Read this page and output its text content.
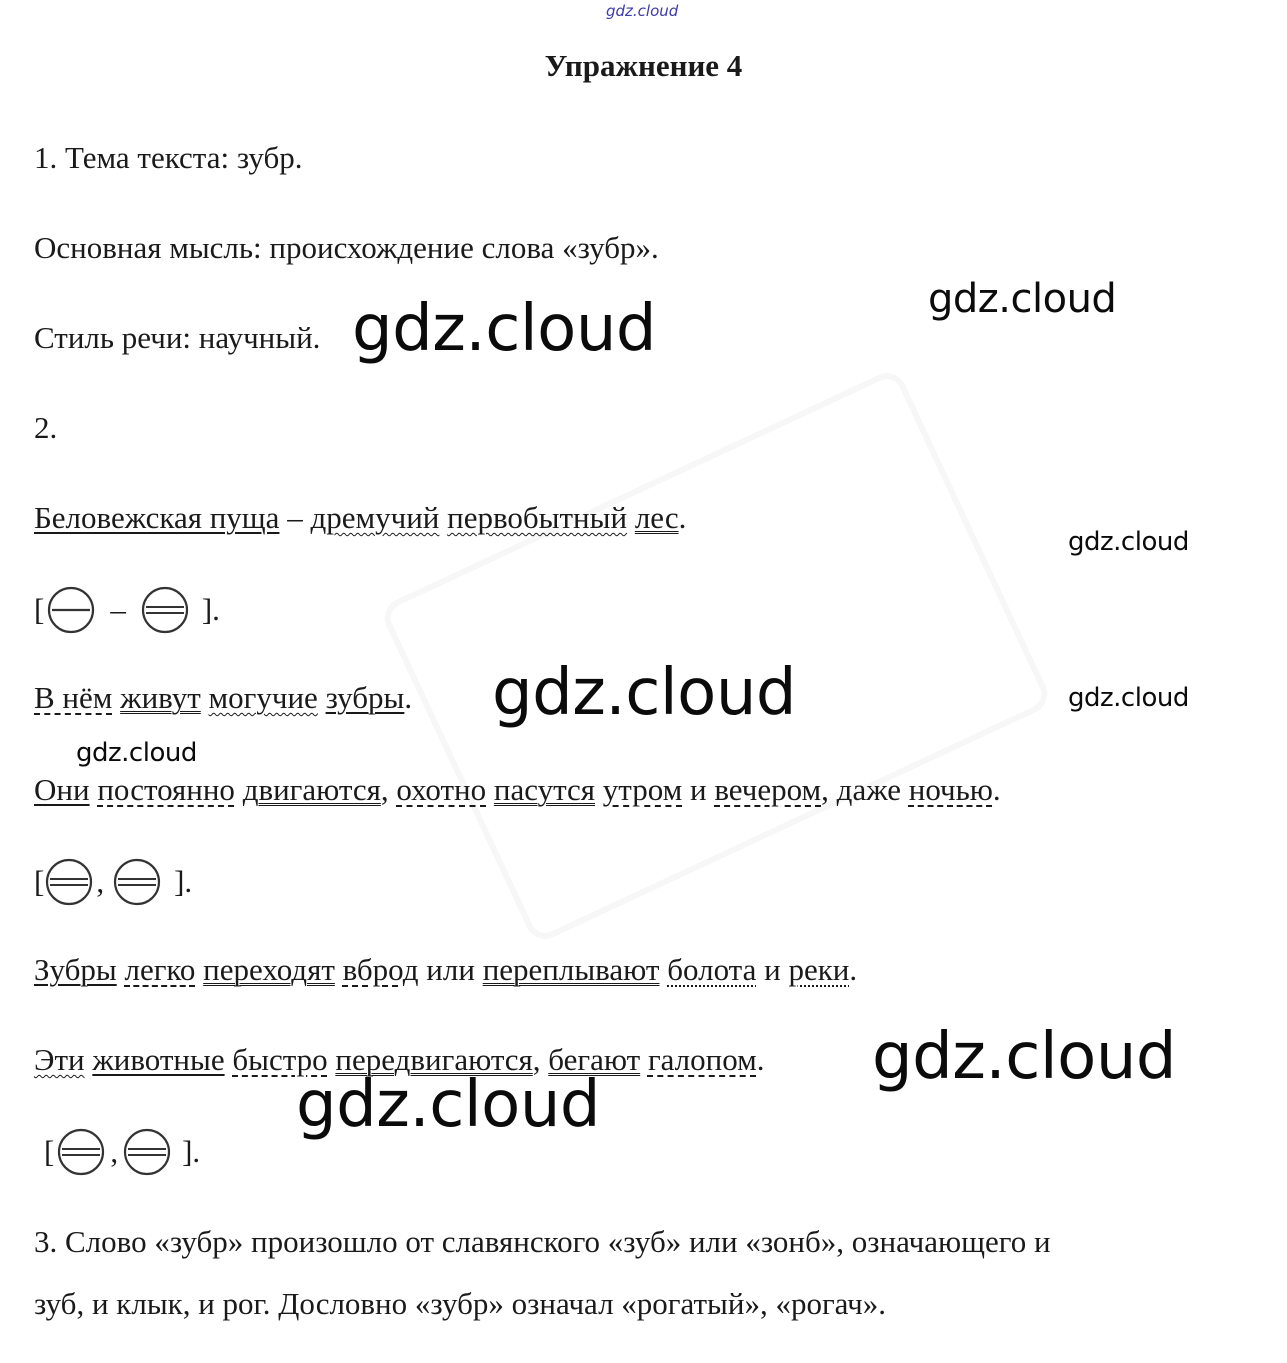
gdz.cloud
Упражнение 4
1. Тема текста: зубр.
Основная мысль: происхождение слова «зубр».
Стиль речи: научный.
2.
Беловежская пуща – дремучий первобытный лес.
[ – ].
В нём живут могучие зубры.
Они постоянно двигаются, охотно пасутся утром и вечером, даже ночью.
[ , ].
Зубры легко переходят вброд или переплывают болота и реки.
Эти животные быстро передвигаются, бегают галопом.
[ , ].
3. Слово «зубр» произошло от славянского «зуб» или «зонб», означающего и
зуб, и клык, и рог. Дословно «зубр» означал «рогатый», «рогач».
gdz.cloud
gdz.cloud
gdz.cloud
gdz.cloud	gdz.cloud
gdz.cloud
gdz.cloud
gdz.cloud
